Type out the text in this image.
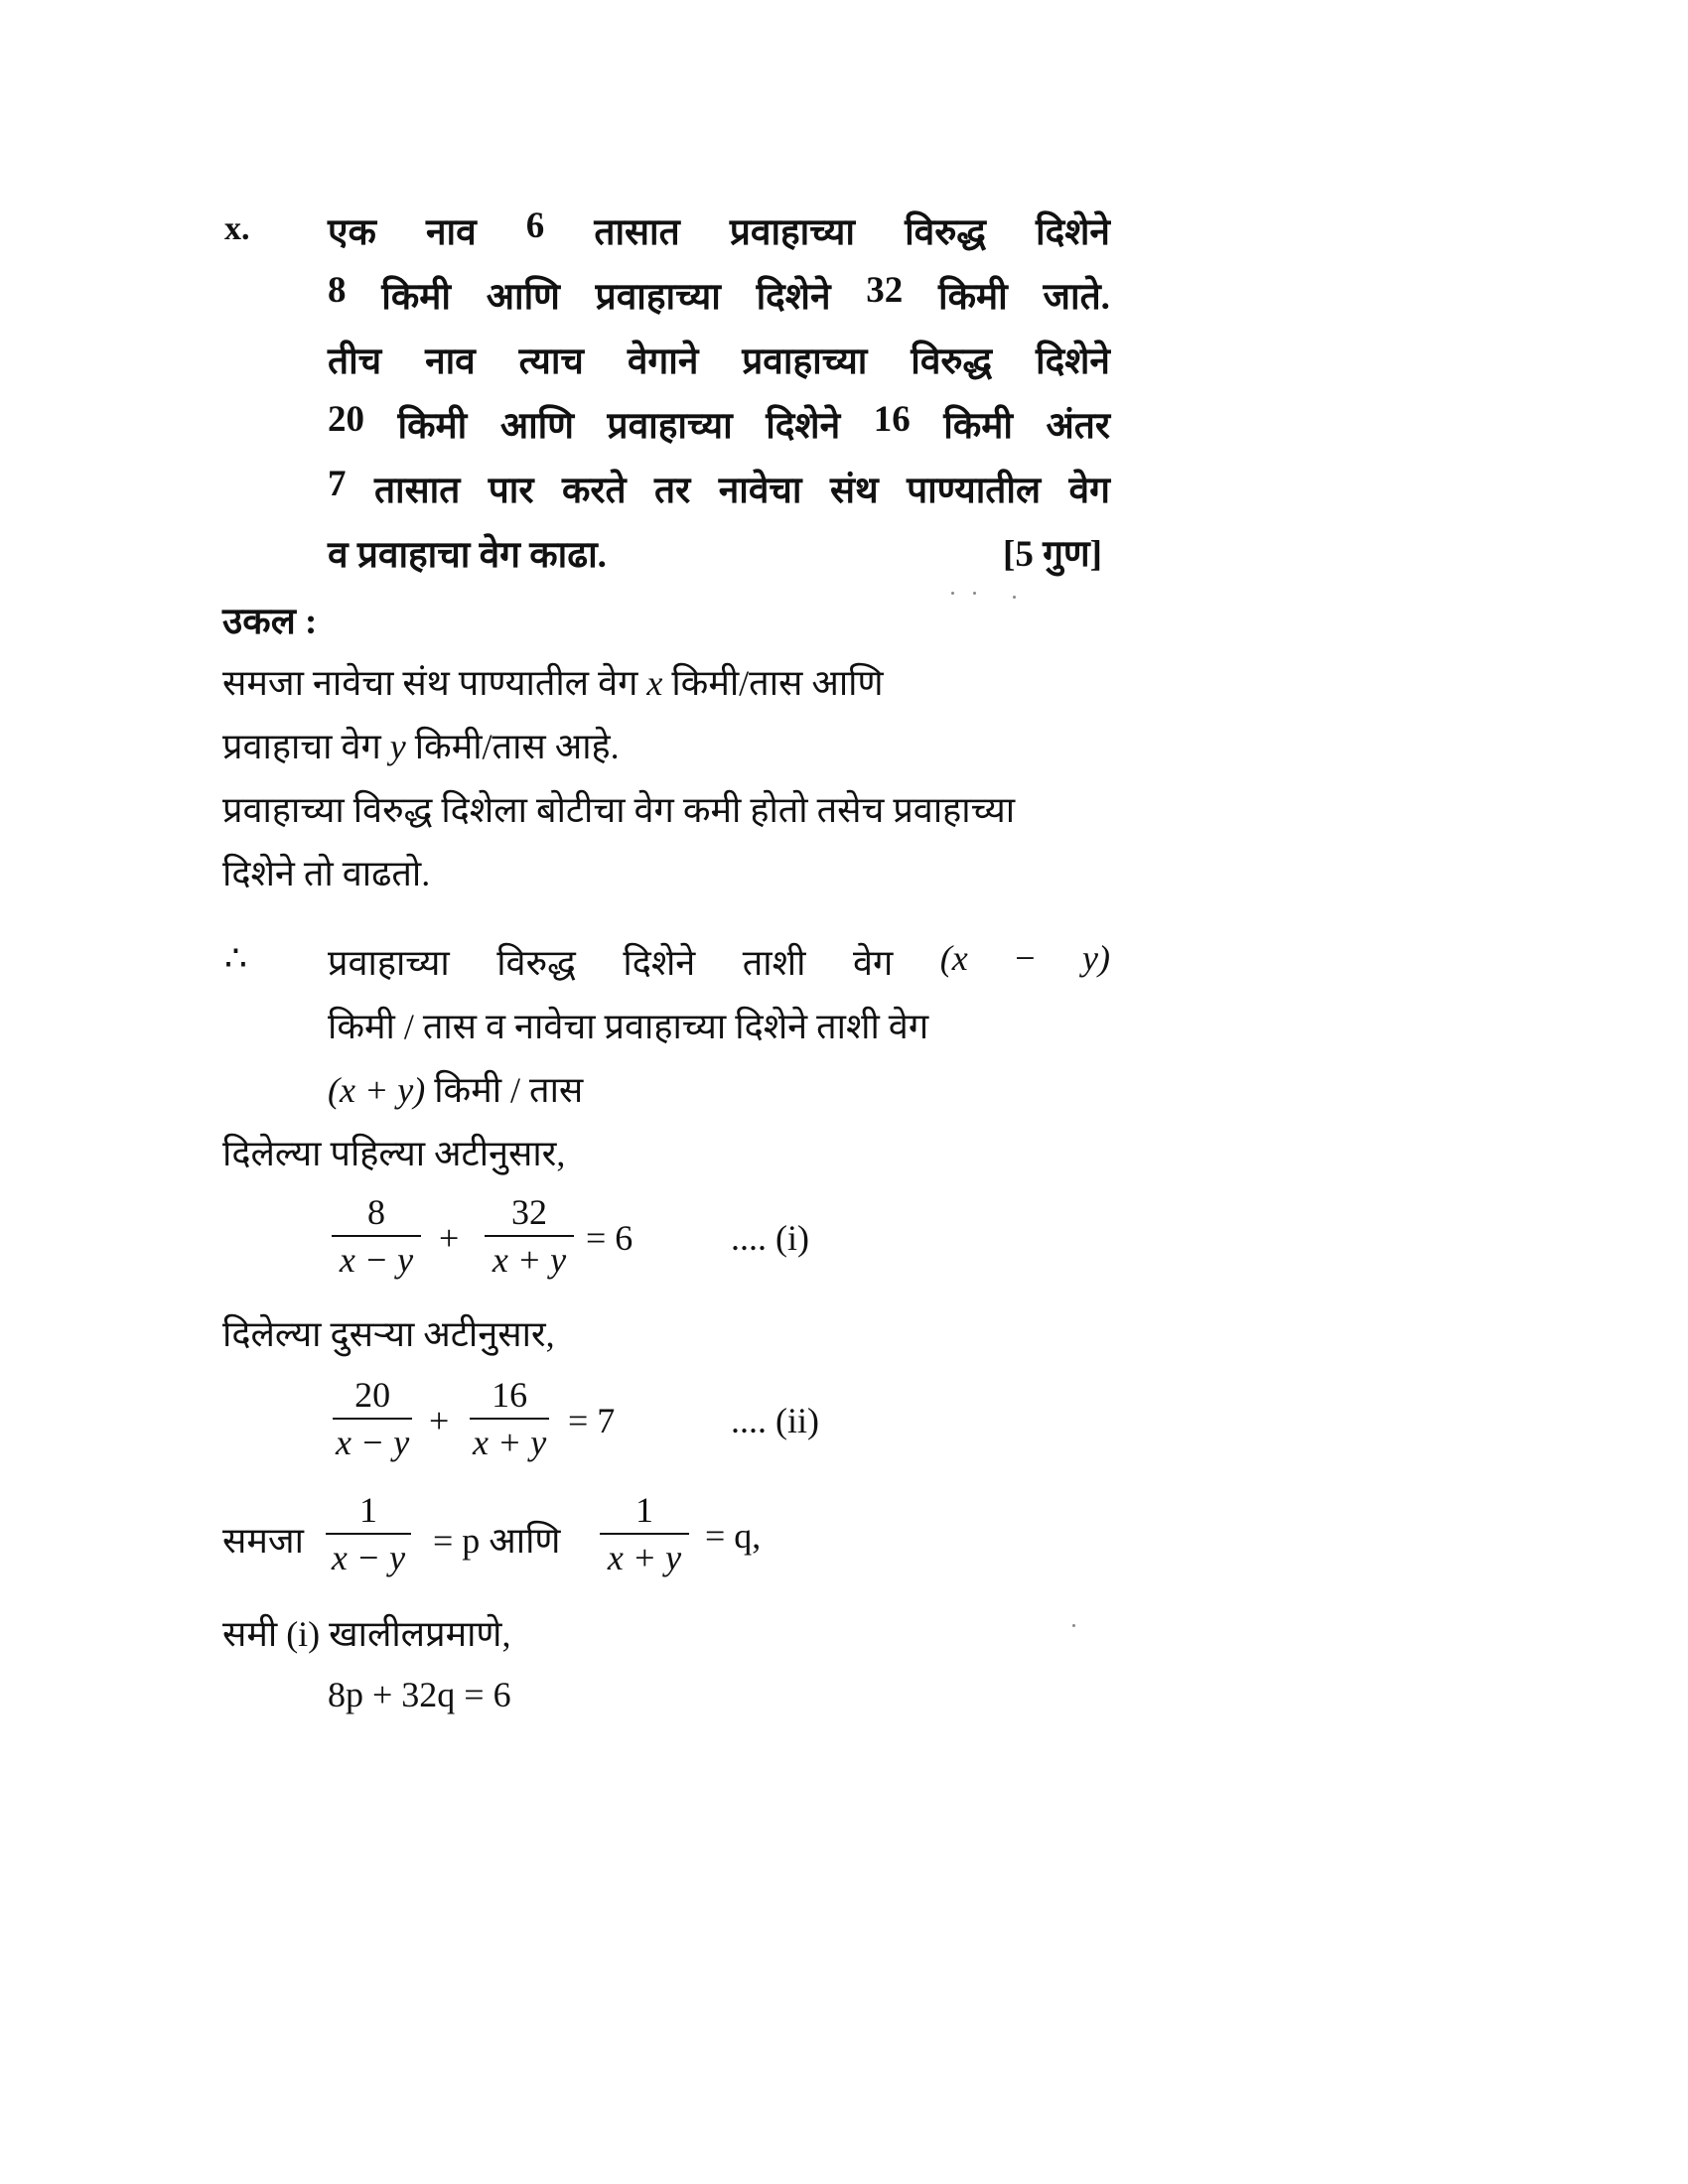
x. एक नाव 6 तासात प्रवाहाच्या विरुद्ध दिशेने
8 किमी आणि प्रवाहाच्या दिशेने 32 किमी जाते.
तीच नाव त्याच वेगाने प्रवाहाच्या विरुद्ध दिशेने
20 किमी आणि प्रवाहाच्या दिशेने 16 किमी अंतर
7 तासात पार करते तर नावेचा संथ पाण्यातील वेग
व प्रवाहाचा वेग काढा.	[5 गुण]
उकल :
समजा नावेचा संथ पाण्यातील वेग x किमी/तास आणि
प्रवाहाचा वेग y किमी/तास आहे.
प्रवाहाच्या विरुद्ध दिशेला बोटीचा वेग कमी होतो तसेच प्रवाहाच्या
दिशेने तो वाढतो.
∴ प्रवाहाच्या विरुद्ध दिशेने ताशी वेग (x − y)
किमी / तास व नावेचा प्रवाहाच्या दिशेने ताशी वेग
(x + y) किमी / तास
दिलेल्या पहिल्या अटीनुसार,
8
x − y
+
32
x + y
= 6	.... (i)
दिलेल्या दुसऱ्या अटीनुसार,
20
x − y
+
16
x + y
= 7	.... (ii)
समजा
1
x − y = p आणि
1
x + y
= q,
समी (i) खालीलप्रमाणे,
8p + 32q = 6
